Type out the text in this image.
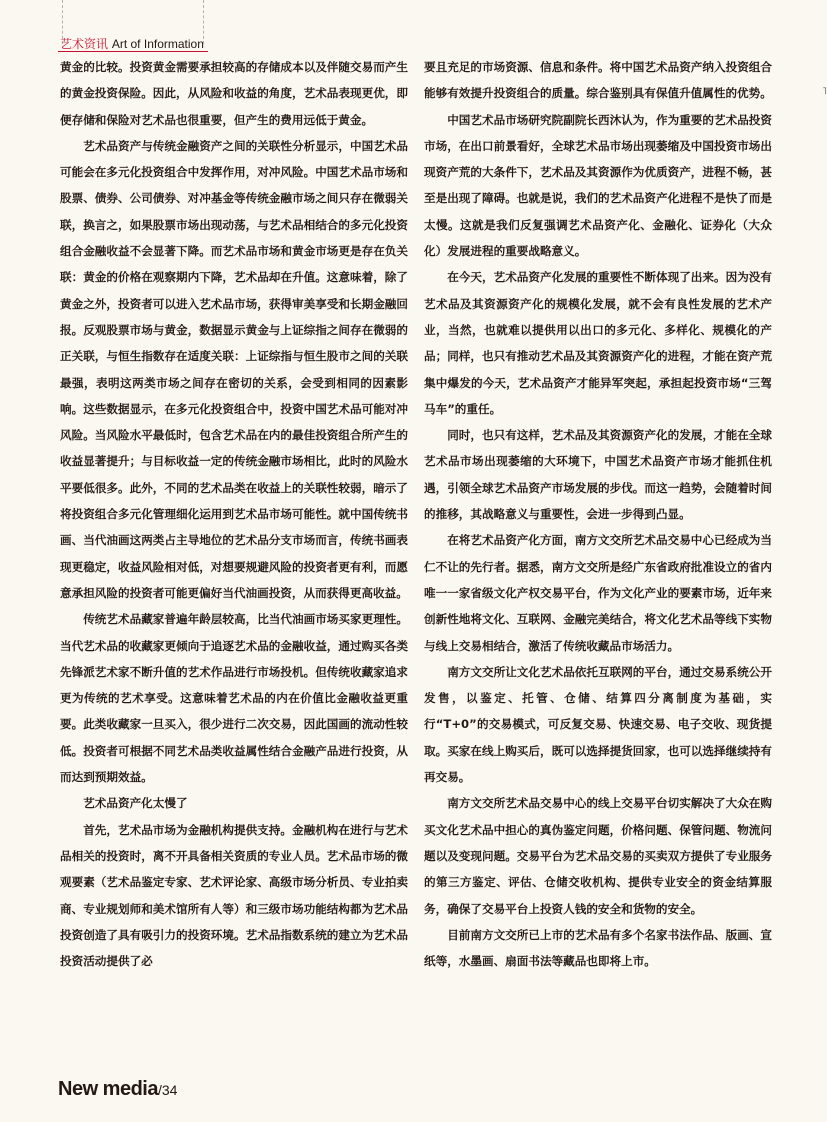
艺术资讯 Art of Information

黄金的比较。投资黄金需要承担较高的存储成本以及伴随交易而产生的黄金投资保险。因此，从风险和收益的角度，艺术品表现更优，即便存储和保险对艺术品也很重要，但产生的费用远低于黄金。

艺术品资产与传统金融资产之间的关联性分析显示，中国艺术品可能会在多元化投资组合中发挥作用，对冲风险。中国艺术品市场和股票、债券、公司债券、对冲基金等传统金融市场之间只存在微弱关联，换言之，如果股票市场出现动荡，与艺术品相结合的多元化投资组合金融收益不会显著下降。而艺术品市场和黄金市场更是存在负关联：黄金的价格在观察期内下降，艺术品却在升值。这意味着，除了黄金之外，投资者可以进入艺术品市场，获得审美享受和长期金融回报。反观股票市场与黄金，数据显示黄金与上证综指之间存在微弱的正关联，与恒生指数存在适度关联：上证综指与恒生股市之间的关联最强，表明这两类市场之间存在密切的关系，会受到相同的因素影响。这些数据显示，在多元化投资组合中，投资中国艺术品可能对冲风险。当风险水平最低时，包含艺术品在内的最佳投资组合所产生的收益显著提升；与目标收益一定的传统金融市场相比，此时的风险水平要低很多。此外，不同的艺术品类在收益上的关联性较弱，暗示了将投资组合多元化管理细化运用到艺术品市场可能性。就中国传统书画、当代油画这两类占主导地位的艺术品分支市场而言，传统书画表现更稳定，收益风险相对低，对想要规避风险的投资者更有利，而愿意承担风险的投资者可能更偏好当代油画投资，从而获得更高收益。

传统艺术品藏家普遍年龄层较高，比当代油画市场买家更理性。当代艺术品的收藏家更倾向于追逐艺术品的金融收益，通过购买各类先锋派艺术家不断升值的艺术作品进行市场投机。但传统收藏家追求更为传统的艺术享受。这意味着艺术品的内在价值比金融收益更重要。此类收藏家一旦买入，很少进行二次交易，因此国画的流动性较低。投资者可根据不同艺术品类收益属性结合金融产品进行投资，从而达到预期效益。

艺术品资产化太慢了

首先，艺术品市场为金融机构提供支持。金融机构在进行与艺术品相关的投资时，离不开具备相关资质的专业人员。艺术品市场的微观要素（艺术品鉴定专家、艺术评论家、高级市场分析员、专业拍卖商、专业规划师和美术馆所有人等）和三级市场功能结构都为艺术品投资创造了具有吸引力的投资环境。艺术品指数系统的建立为艺术品投资活动提供了必

要且充足的市场资源、信息和条件。将中国艺术品资产纳入投资组合能够有效提升投资组合的质量。综合鉴别具有保值升值属性的优势。

中国艺术品市场研究院副院长西沐认为，作为重要的艺术品投资市场，在出口前景看好，全球艺术品市场出现萎缩及中国投资市场出现资产荒的大条件下，艺术品及其资源作为优质资产，进程不畅，甚至是出现了障碍。也就是说，我们的艺术品资产化进程不是快了而是太慢。这就是我们反复强调艺术品资产化、金融化、证券化（大众化）发展进程的重要战略意义。

在今天，艺术品资产化发展的重要性不断体现了出来。因为没有艺术品及其资源资产化的规模化发展，就不会有良性发展的艺术产业，当然，也就难以提供用以出口的多元化、多样化、规模化的产品；同样，也只有推动艺术品及其资源资产化的进程，才能在资产荒集中爆发的今天，艺术品资产才能异军突起，承担起投资市场“三驾马车”的重任。

同时，也只有这样，艺术品及其资源资产化的发展，才能在全球艺术品市场出现萎缩的大环境下，中国艺术品资产市场才能抓住机遇，引领全球艺术品资产市场发展的步伐。而这一趋势，会随着时间的推移，其战略意义与重要性，会进一步得到凸显。

在将艺术品资产化方面，南方文交所艺术品交易中心已经成为当仁不让的先行者。据悉，南方文交所是经广东省政府批准设立的省内唯一一家省级文化产权交易平台，作为文化产业的要素市场，近年来创新性地将文化、互联网、金融完美结合，将文化艺术品等线下实物与线上交易相结合，激活了传统收藏品市场活力。

南方文交所让文化艺术品依托互联网的平台，通过交易系统公开发售，以鉴定、托管、仓储、结算四分离制度为基础，实行“T+0”的交易模式，可反复交易、快速交易、电子交收、现货提取。买家在线上购买后，既可以选择提货回家，也可以选择继续持有再交易。

南方文交所艺术品交易中心的线上交易平台切实解决了大众在购买文化艺术品中担心的真伪鉴定问题，价格问题、保管问题、物流问题以及变现问题。交易平台为艺术品交易的买卖双方提供了专业服务的第三方鉴定、评估、仓储交收机构、提供专业安全的资金结算服务，确保了交易平台上投资人钱的安全和货物的安全。

目前南方文交所已上市的艺术品有多个名家书法作品、版画、宣纸等，水墨画、扇面书法等藏品也即将上市。

˥
New media/34
